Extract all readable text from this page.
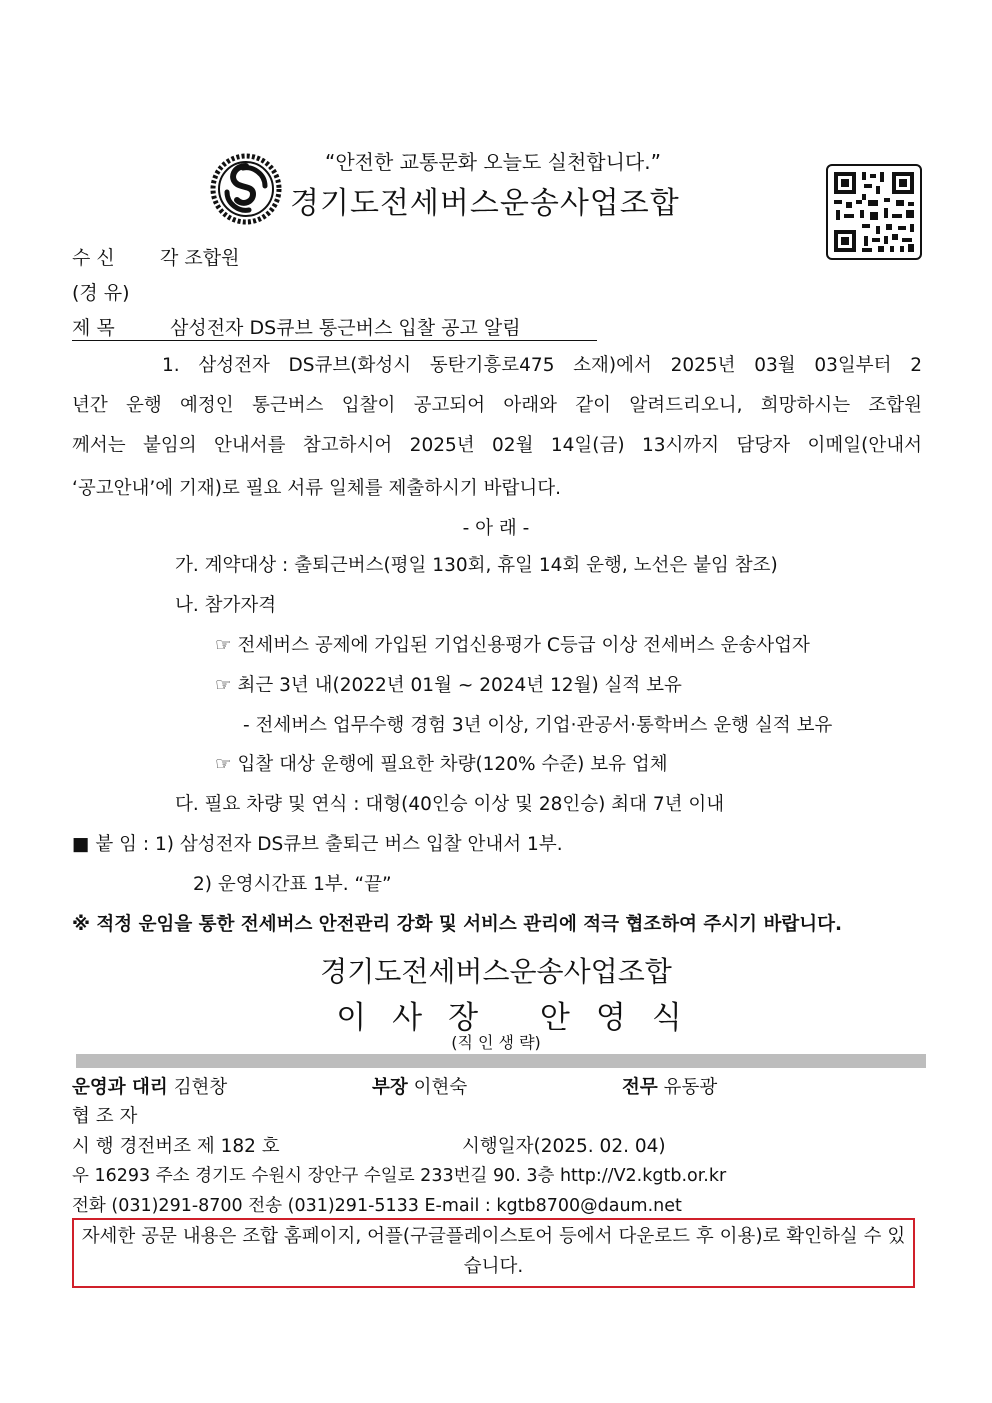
“안전한 교통문화 오늘도 실천합니다.”
경기도전세버스운송사업조합
수 신 각 조합원
(경 유)
제 목	삼성전자 DS큐브 통근버스 입찰 공고 알림
1. 삼성전자 DS큐브(화성시 동탄기흥로475 소재)에서 2025년 03월 03일부터 2
년간 운행 예정인 통근버스 입찰이 공고되어 아래와 같이 알려드리오니, 희망하시는 조합원
께서는 붙임의 안내서를 참고하시어 2025년 02월 14일(금) 13시까지 담당자 이메일(안내서
‘공고안내’에 기재)로 필요 서류 일체를 제출하시기 바랍니다.
- 아 래 -
가. 계약대상 : 출퇴근버스(평일 130회, 휴일 14회 운행, 노선은 붙임 참조)
나. 참가자격
☞ 전세버스 공제에 가입된 기업신용평가 C등급 이상 전세버스 운송사업자
☞ 최근 3년 내(2022년 01월 ~ 2024년 12월) 실적 보유
- 전세버스 업무수행 경험 3년 이상, 기업·관공서·통학버스 운행 실적 보유
☞ 입찰 대상 운행에 필요한 차량(120% 수준) 보유 업체
다. 필요 차량 및 연식 : 대형(40인승 이상 및 28인승) 최대 7년 이내
■ 붙 임 : 1) 삼성전자 DS큐브 출퇴근 버스 입찰 안내서 1부.
2) 운영시간표 1부. “끝”
※ 적정 운임을 통한 전세버스 안전관리 강화 및 서비스 관리에 적극 협조하여 주시기 바랍니다.
경기도전세버스운송사업조합
이사장 안영식
(직 인 생 략)
운영과 대리 김현창	부장 이현숙	전무 유동광
협 조 자
시 행 경전버조 제 182 호	시행일자(2025. 02. 04)
우 16293 주소 경기도 수원시 장안구 수일로 233번길 90. 3층 http://V2.kgtb.or.kr
전화 (031)291-8700 전송 (031)291-5133 E-mail : kgtb8700@daum.net
자세한 공문 내용은 조합 홈페이지, 어플(구글플레이스토어 등에서 다운로드 후 이용)로 확인하실 수 있습니다.
